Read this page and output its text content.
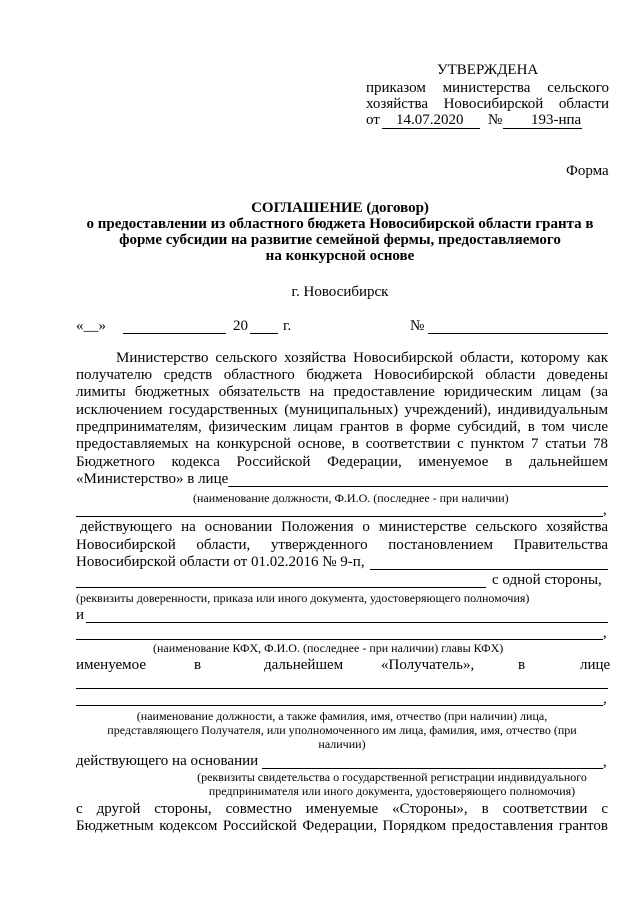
УТВЕРЖДЕНА
приказом министерства сельского
хозяйства Новосибирской области
от 14.07.2020 № 193-нпа
Форма
СОГЛАШЕНИЕ (договор)
о предоставлении из областного бюджета Новосибирской области гранта в
форме субсидии на развитие семейной фермы, предоставляемого
на конкурсной основе
г. Новосибирск
«__»	20 г.	№
Министерство сельского хозяйства Новосибирской области, которому как
получателю средств областного бюджета Новосибирской области доведены
лимиты бюджетных обязательств на предоставление юридическим лицам (за
исключением государственных (муниципальных) учреждений), индивидуальным
предпринимателям, физическим лицам грантов в форме субсидий, в том числе
предоставляемых на конкурсной основе, в соответствии с пунктом 7 статьи 78
Бюджетного кодекса Российской Федерации, именуемое в дальнейшем
«Министерство» в лице
(наименование должности, Ф.И.О. (последнее - при наличии)
,
действующего на основании Положения о министерстве сельского хозяйства
Новосибирской области, утвержденного постановлением Правительства
Новосибирской области от 01.02.2016 № 9-п,
с одной стороны,
(реквизиты доверенности, приказа или иного документа, удостоверяющего полномочия)
и
,
(наименование КФХ, Ф.И.О. (последнее - при наличии) главы КФХ)
именуемое	в	дальнейшем	«Получатель»,	в	лице
,
(наименование должности, а также фамилия, имя, отчество (при наличии) лица,
представляющего Получателя, или уполномоченного им лица, фамилия, имя, отчество (при
наличии)
действующего на основании	,
(реквизиты свидетельства о государственной регистрации индивидуального
предпринимателя или иного документа, удостоверяющего полномочия)
с другой стороны, совместно именуемые «Стороны», в соответствии с
Бюджетным кодексом Российской Федерации, Порядком предоставления грантов
